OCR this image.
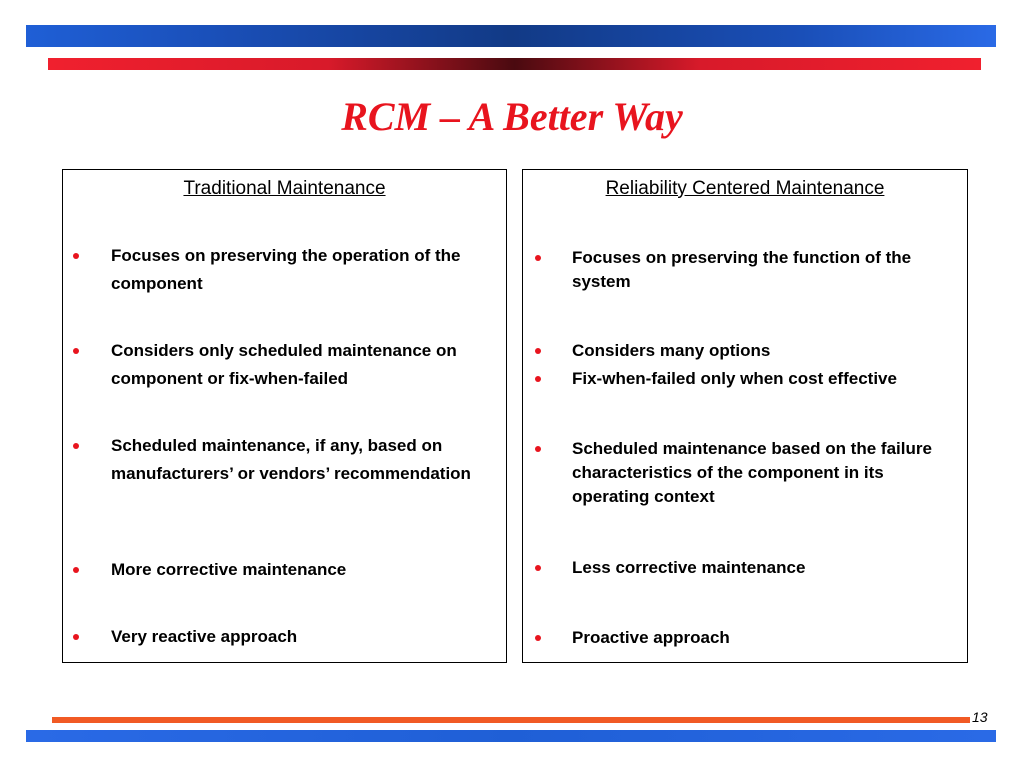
RCM – A Better Way
Traditional Maintenance
Focuses on preserving the operation of the component
Considers only scheduled maintenance on component or fix-when-failed
Scheduled maintenance, if any, based on manufacturers’ or vendors’ recommendation
More corrective maintenance
Very reactive approach
Reliability Centered Maintenance
Focuses on preserving the function of the system
Considers many options
Fix-when-failed only when cost effective
Scheduled maintenance based on the failure characteristics of the component in its operating context
Less corrective maintenance
Proactive approach
13
